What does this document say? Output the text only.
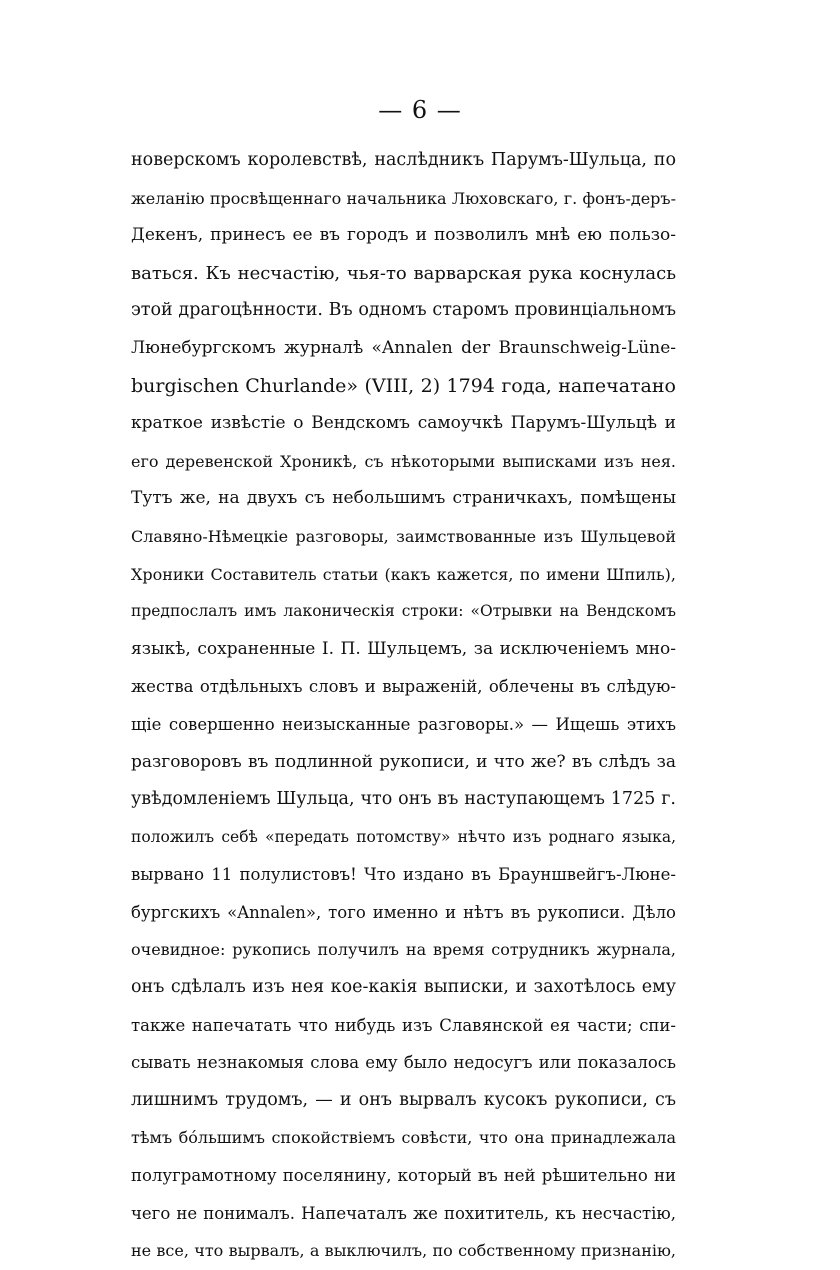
— 6 —
новерскомъ королевствѣ, наслѣдникъ Парумъ-Шульца, по
желанію просвѣщеннаго начальника Люховскаго, г. фонъ-деръ-
Декенъ, принесъ ее въ городъ и позволилъ мнѣ ею пользо-
ваться. Къ несчастію, чья-то варварская рука коснулась
этой драгоцѣнности. Въ одномъ старомъ провинціальномъ
Люнебургскомъ журналѣ «Annalen der Braunschweig-Lüne-
burgischen Churlande» (VIII, 2) 1794 года, напечатано
краткое извѣстіе о Вендскомъ самоучкѣ Парумъ-Шульцѣ и
его деревенской Хроникѣ, съ нѣкоторыми выписками изъ нея.
Тутъ же, на двухъ съ небольшимъ страничкахъ, помѣщены
Славяно-Нѣмецкіе разговоры, заимствованные изъ Шульцевой
Хроники Составитель статьи (какъ кажется, по имени Шпиль),
предпослалъ имъ лаконическія строки: «Отрывки на Вендскомъ
языкѣ, сохраненные І. П. Шульцемъ, за исключеніемъ мно-
жества отдѣльныхъ словъ и выраженій, облечены въ слѣдую-
щіе совершенно неизысканные разговоры.» — Ищешь этихъ
разговоровъ въ подлинной рукописи, и что же? въ слѣдъ за
увѣдомленіемъ Шульца, что онъ въ наступающемъ 1725 г.
положилъ себѣ «передать потомству» нѣчто изъ роднаго языка,
вырвано 11 полулистовъ! Что издано въ Брауншвейгъ-Люне-
бургскихъ «Annalen», того именно и нѣтъ въ рукописи. Дѣло
очевидное: рукопись получилъ на время сотрудникъ журнала,
онъ сдѣлалъ изъ нея кое-какія выписки, и захотѣлось ему
также напечатать что нибудь изъ Славянской ея части; спи-
сывать незнакомыя слова ему было недосугъ или показалось
лишнимъ трудомъ, — и онъ вырвалъ кусокъ рукописи, съ
тѣмъ бо́льшимъ спокойствіемъ совѣсти, что она принадлежала
полуграмотному поселянину, который въ ней рѣшительно ни
чего не понималъ. Напечаталъ же похититель, къ несчастію,
не все, что вырвалъ, а выключилъ, по собственному признанію,
